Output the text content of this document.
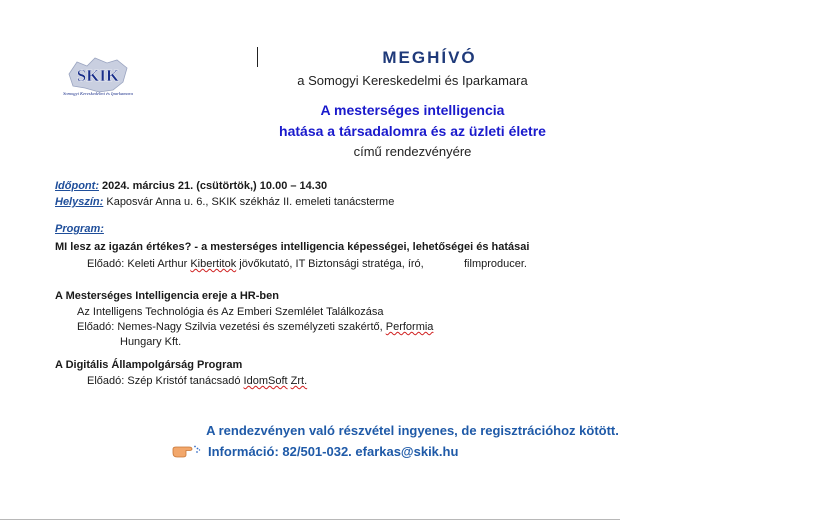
SKIK
Somogyi Kereskedelmi és Iparkamara
MEGHÍVÓ
a Somogyi Kereskedelmi és Iparkamara
A mesterséges intelligencia
hatása a társadalomra és az üzleti életre
című rendezvényére
Időpont: 2024. március 21. (csütörtök,) 10.00 – 14.30
Helyszín: Kaposvár Anna u. 6., SKIK székház II. emeleti tanácsterme
Program:
MI lesz az igazán értékes? - a mesterséges intelligencia képességei, lehetőségei és hatásai
Előadó: Keleti Arthur Kibertitok jövőkutató, IT Biztonsági stratéga, író,	filmproducer.
A Mesterséges Intelligencia ereje a HR-ben
Az Intelligens Technológia és Az Emberi Szemlélet Találkozása
Előadó: Nemes-Nagy Szilvia vezetési és személyzeti szakértő, Performia
Hungary Kft.
A Digitális Állampolgárság Program
Előadó: Szép Kristóf tanácsadó IdomSoft Zrt.
A rendezvényen való részvétel ingyenes, de regisztrációhoz kötött.
Információ: 82/501-032. efarkas@skik.hu
